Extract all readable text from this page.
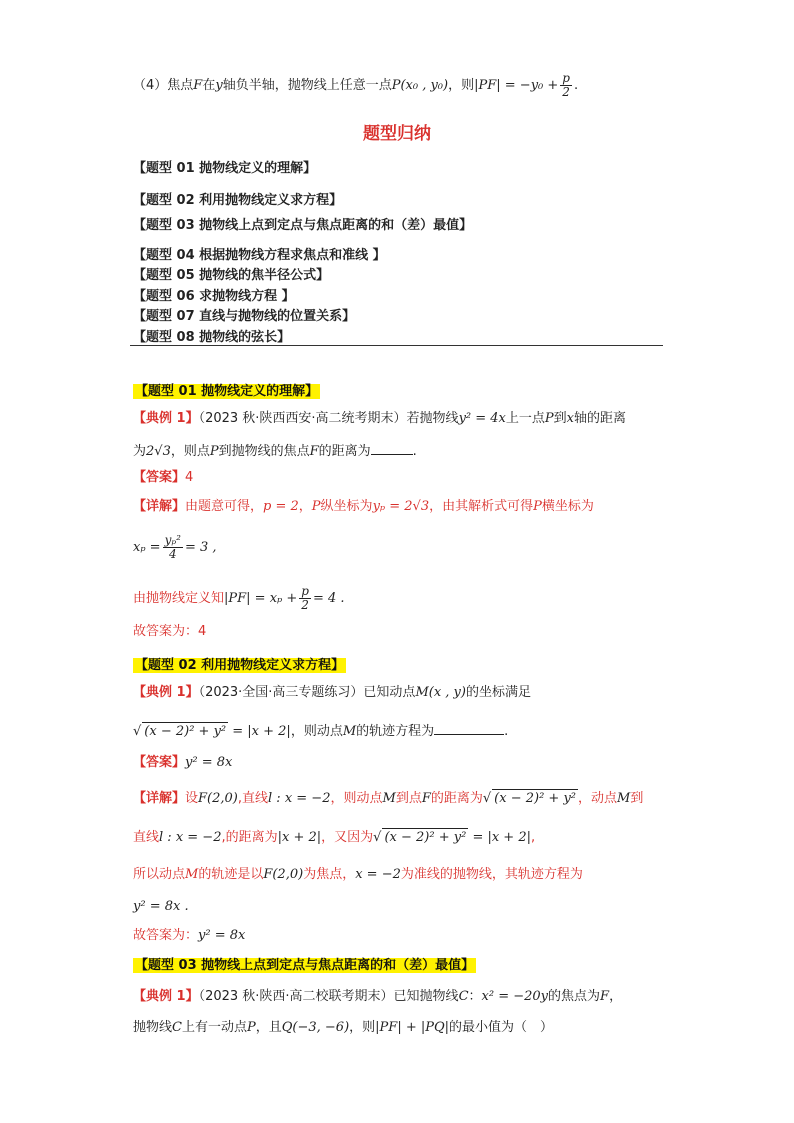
（4）焦点F在y轴负半轴，抛物线上任意一点P(x₀ , y₀)，则$|PF| = -y_0 + \frac{p}{2}$ .
题型归纳
【题型 01 抛物线定义的理解】
【题型 02 利用抛物线定义求方程】
【题型 03 抛物线上点到定点与焦点距离的和（差）最值】
【题型 04 根据抛物线方程求焦点和准线 】
【题型 05 抛物线的焦半径公式】
【题型 06 求抛物线方程 】
【题型 07 直线与抛物线的位置关系】
【题型 08 抛物线的弦长】
【题型 01 抛物线定义的理解】
【典例 1】（2023 秋·陕西西安·高二统考期末）若抛物线y² = 4x上一点P到x轴的距离
为2√3，则点P到抛物线的焦点F的距离为	.
【答案】4
【详解】由题意可得，p = 2，P纵坐标为yₚ = 2√3，由其解析式可得P横坐标为
$x_p = \frac{\text{yₚ²}}{4} = 3$ ,
由抛物线定义知$|PF| = x_p + \frac{p}{2} = 4$ .
故答案为：4
【题型 02 利用抛物线定义求方程】
【典例 1】（2023·全国·高三专题练习）已知动点M(x , y)的坐标满足
√ (x − 2)² + y² = |x + 2|，则动点M的轨迹方程为	.
【答案】y² = 8x
【详解】设F(2,0),直线l : x = −2，则动点M到点F的距离为√ (x − 2)² + y² ，动点M到
直线l : x = −2,的距离为|x + 2|，又因为√ (x − 2)² + y² = |x + 2|,
所以动点M的轨迹是以F(2,0)为焦点，x = −2为准线的抛物线，其轨迹方程为
y² = 8x .
故答案为：y² = 8x
【题型 03 抛物线上点到定点与焦点距离的和（差）最值】
【典例 1】（2023 秋·陕西·高二校联考期末）已知抛物线C：x² = −20y的焦点为F，
抛物线C上有一动点P，且Q(−3, −6)，则|PF| + |PQ|的最小值为（　）
